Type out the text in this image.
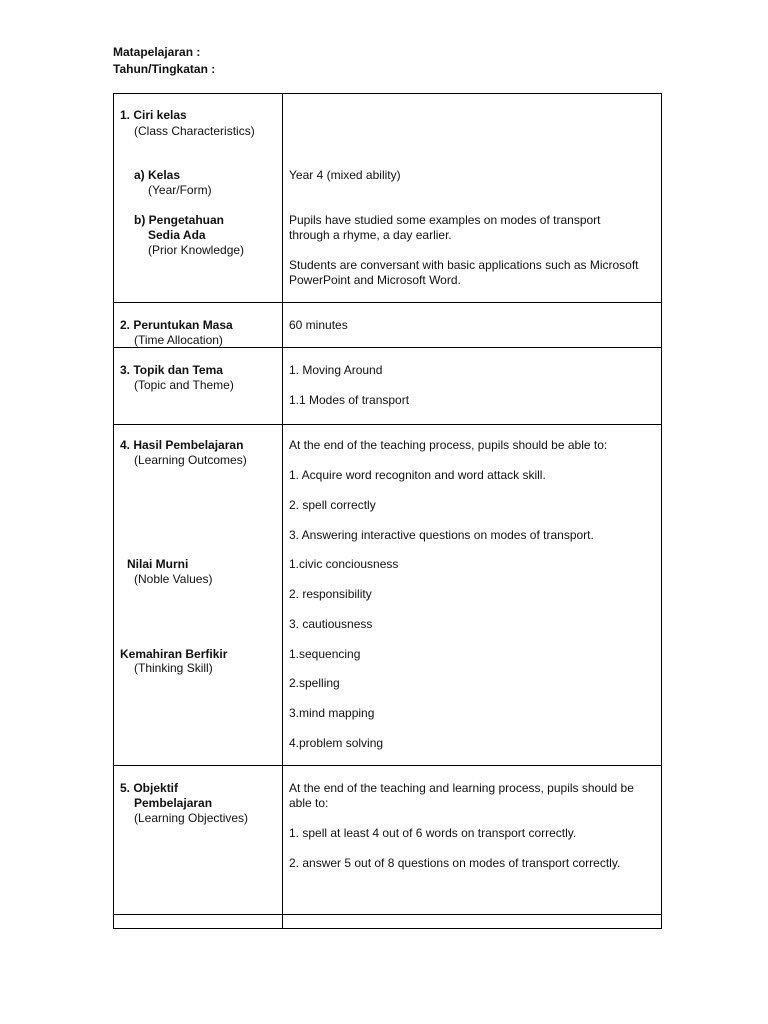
Matapelajaran :
Tahun/Tingkatan :
1. Ciri kelas
(Class Characteristics)
a) Kelas
(Year/Form)
Year 4 (mixed ability)
b) Pengetahuan
Sedia Ada
(Prior Knowledge)
Pupils have studied some examples on modes of transport
through a rhyme, a day earlier.
Students are conversant with basic applications such as Microsoft
PowerPoint and Microsoft Word.
2. Peruntukan Masa
(Time Allocation)
60 minutes
3. Topik dan Tema
(Topic and Theme)
1. Moving Around
1.1 Modes of transport
4. Hasil Pembelajaran
(Learning Outcomes)
At the end of the teaching process, pupils should be able to:
1. Acquire word recogniton and word attack skill.
2. spell correctly
3. Answering interactive questions on modes of transport.
Nilai Murni
(Noble Values)
1.civic conciousness
2. responsibility
3. cautiousness
Kemahiran Berfikir
(Thinking Skill)
1.sequencing
2.spelling
3.mind mapping
4.problem solving
5. Objektif
Pembelajaran
(Learning Objectives)
At the end of the teaching and learning process, pupils should be
able to:
1. spell at least 4 out of 6 words on transport correctly.
2. answer 5 out of 8 questions on modes of transport correctly.
